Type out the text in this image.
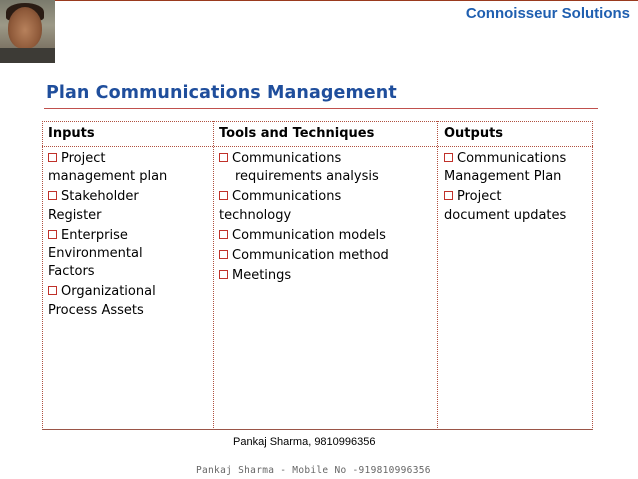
Connoisseur Solutions
Plan Communications Management
Inputs	Tools and Techniques	Outputs
Project
management plan
Stakeholder
Register
Enterprise
Environmental
Factors
Organizational
Process Assets
Communications
requirements analysis
Communications
technology
Communication models
Communication method
Meetings
Communications
Management Plan
Project
document updates
Pankaj Sharma, 9810996356
Pankaj Sharma - Mobile No -919810996356
